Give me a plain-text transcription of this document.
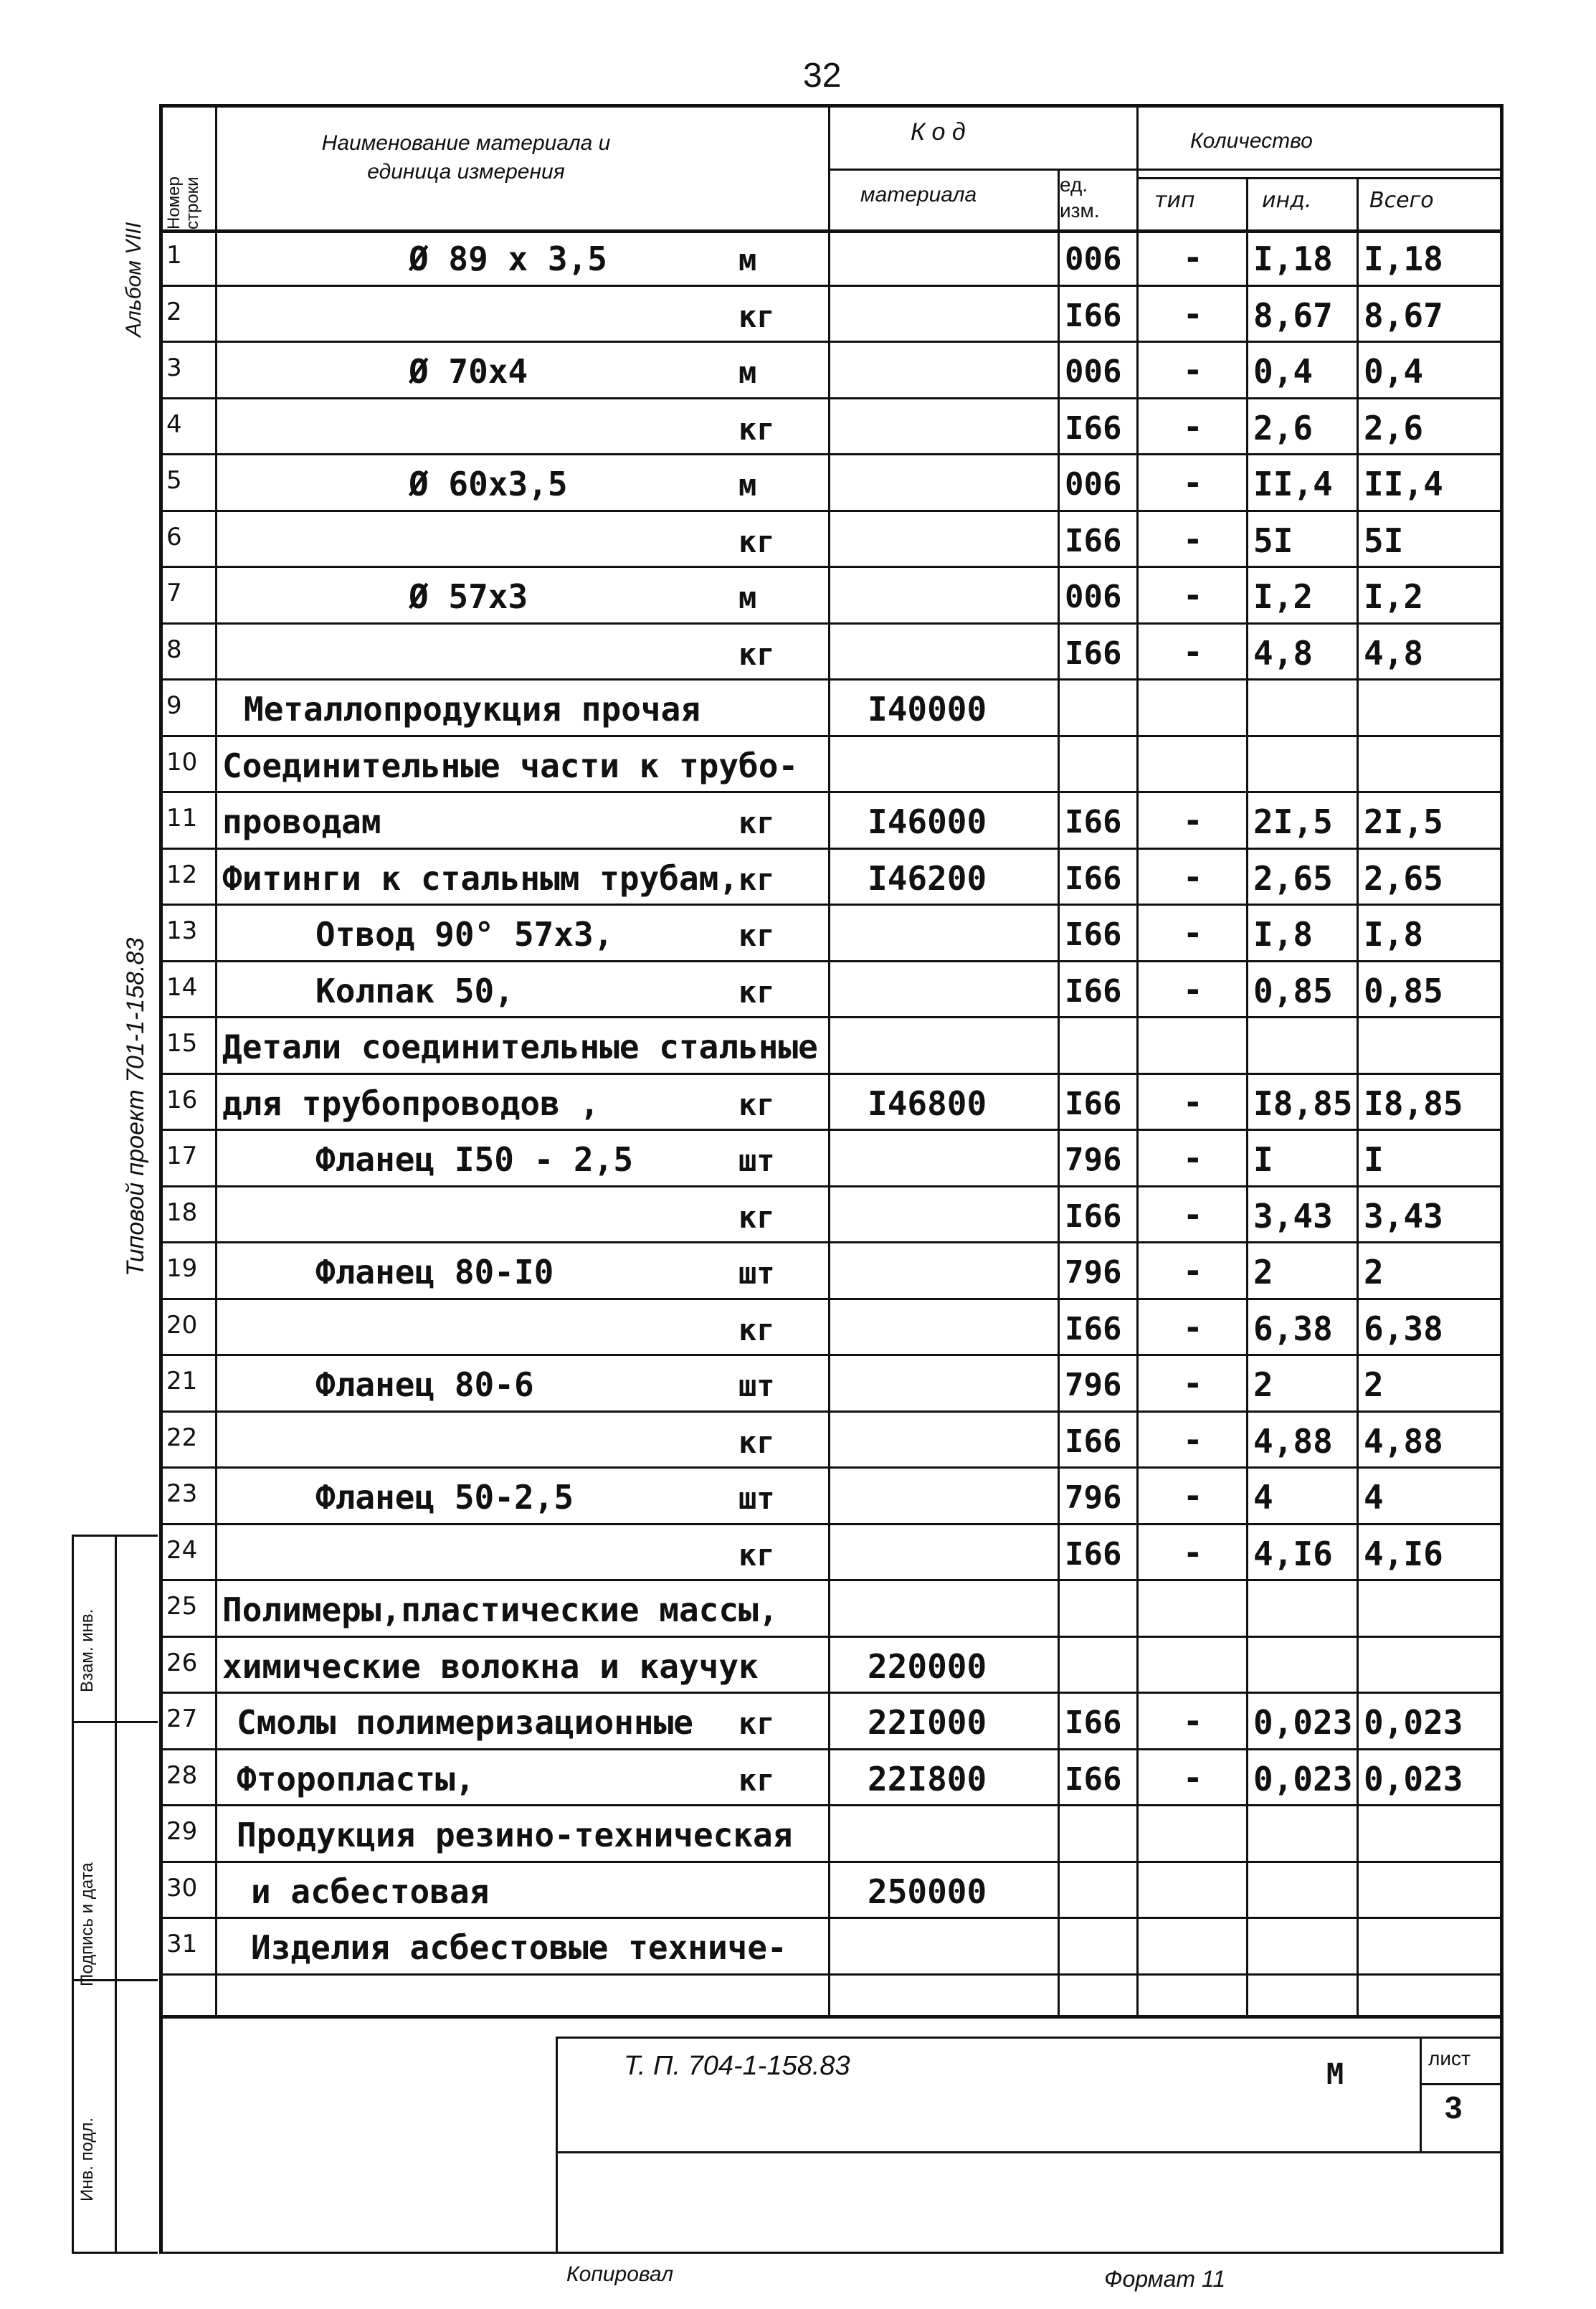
32
Альбом VIII
Типовой проект 701-1-158.83
Инв. подл.
Подпись и дата
Взам. инв.
Номер строки
Наименование материала и единица измерения
К о д
материала	ед. изм.
Количество
тип	инд.	Всего
1	Ø 89 x 3,5	м	006 - I,18 I,18
2	кг	I66 - 8,67 8,67
3	Ø 70x4	м	006 - 0,4 0,4
4	кг	I66 - 2,6 2,6
5	Ø 60x3,5	м	006 - II,4 II,4
6	кг	I66 - 5I 5I
7	Ø 57x3	м	006 - I,2 I,2
8	кг	I66 - 4,8 4,8
9 Металлопродукция прочая	I40000
10 Соединительные части к трубо-
11 проводам	кг	I46000 I66 - 2I,5 2I,5
12 Фитинги к стальным трубам, кг	I46200 I66 - 2,65 2,65
13	Отвод 90° 57x3,	кг	I66 - I,8 I,8
14	Колпак 50,	кг	I66 - 0,85 0,85
15 Детали соединительные стальные
16 для трубопроводов ,	кг	I46800 I66 - I8,85 I8,85
17	Фланец I50 - 2,5	шт	796 - I	I
18	кг	I66 - 3,43 3,43
19	Фланец 80-I0	шт	796 - 2	2
20	кг	I66 - 6,38 6,38
21	Фланец 80-6	шт	796 - 2	2
22	кг	I66 - 4,88 4,88
23	Фланец 50-2,5	шт	796 - 4	4
24	кг	I66 - 4,I6 4,I6
25 Полимеры,пластические массы,
26 химические волокна и каучук	220000
27 Смолы полимеризационные кг	22I000 I66 - 0,023 0,023
28 Фторопласты,	кг	22I800 I66 - 0,023 0,023
29 Продукция резино-техническая
30 и асбестовая	250000
31 Изделия асбестовые техниче-
Т. П. 704-1-158.83	М	лист
3
Копировал	Формат 11
